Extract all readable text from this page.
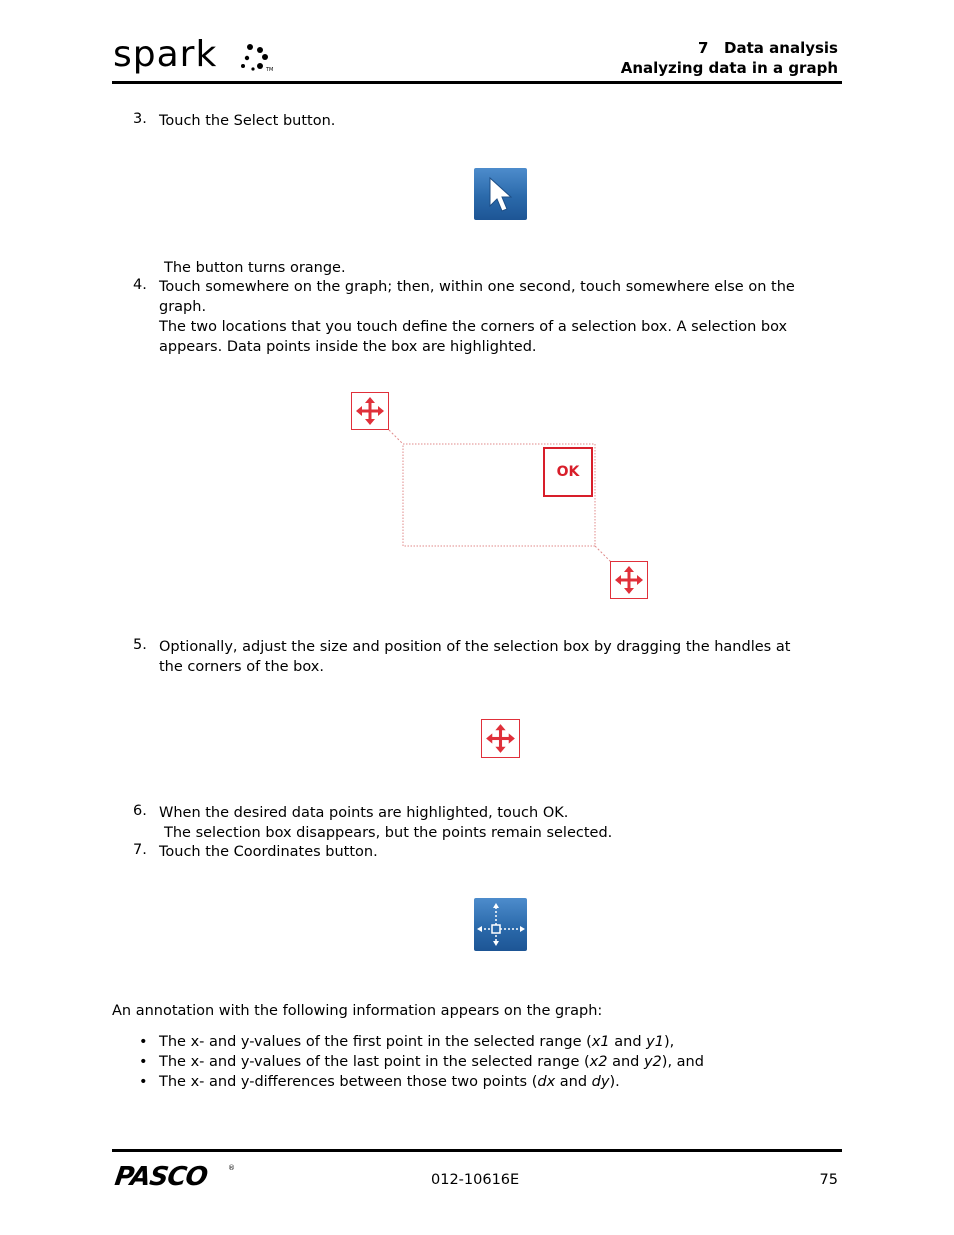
spark	TM
7   Data analysis
Analyzing data in a graph
3. Touch the Select button.
The button turns orange.
4. Touch somewhere on the graph; then, within one second, touch somewhere else on the
graph.
The two locations that you touch define the corners of a selection box. A selection box
appears. Data points inside the box are highlighted.
OK
5. Optionally, adjust the size and position of the selection box by dragging the handles at
the corners of the box.
6. When the desired data points are highlighted, touch OK.
The selection box disappears, but the points remain selected.
7. Touch the Coordinates button.
An annotation with the following information appears on the graph:
• The x- and y-values of the first point in the selected range (x1 and y1),
• The x- and y-values of the last point in the selected range (x2 and y2), and
• The x- and y-differences between those two points (dx and dy).
PASCO	®
012-10616E	75
